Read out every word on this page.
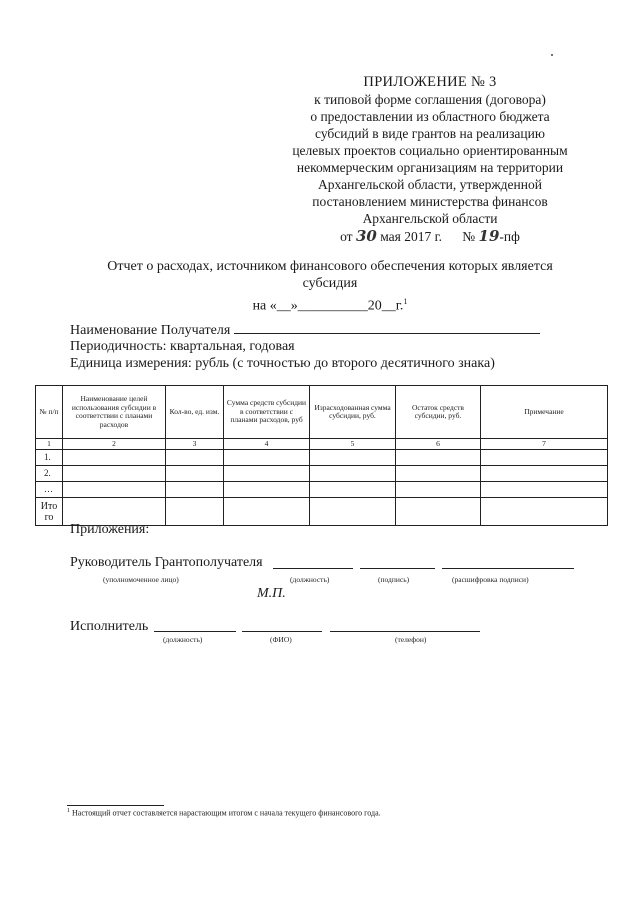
ПРИЛОЖЕНИЕ № 3
к типовой форме соглашения (договора)
о предоставлении из областного бюджета
субсидий в виде грантов на реализацию
целевых проектов социально ориентированным
некоммерческим организациям на территории
Архангельской области, утвержденной
постановлением министерства финансов
Архангельской области
от 30 мая 2017 г. № 19-пф
Отчет о расходах, источником финансового обеспечения которых является
субсидия
на «__»__________20__г.$^1$
Наименование Получателя
Периодичность: квартальная, годовая
Единица измерения: рубль (с точностью до второго десятичного знака)
№ п/п	Наименование целей использования субсидии в соответствии с планами расходов	Кол-во, ед. изм.	Сумма средств субсидии в соответствии с планами расходов, руб	Израсходованная сумма субсидии, руб.	Остаток средств субсидии, руб.	Примечание
1	2	3	4	5	6	7
1.						
2.						
…						
Ито го						
Приложения:
Руководитель Грантополучателя
(уполномоченное лицо)	(должность)	(подпись)	(расшифровка подписи)
М.П.
Исполнитель
(должность)	(ФИО)	(телефон)
$^1$ Настоящий отчет составляется нарастающим итогом с начала текущего финансового года.
